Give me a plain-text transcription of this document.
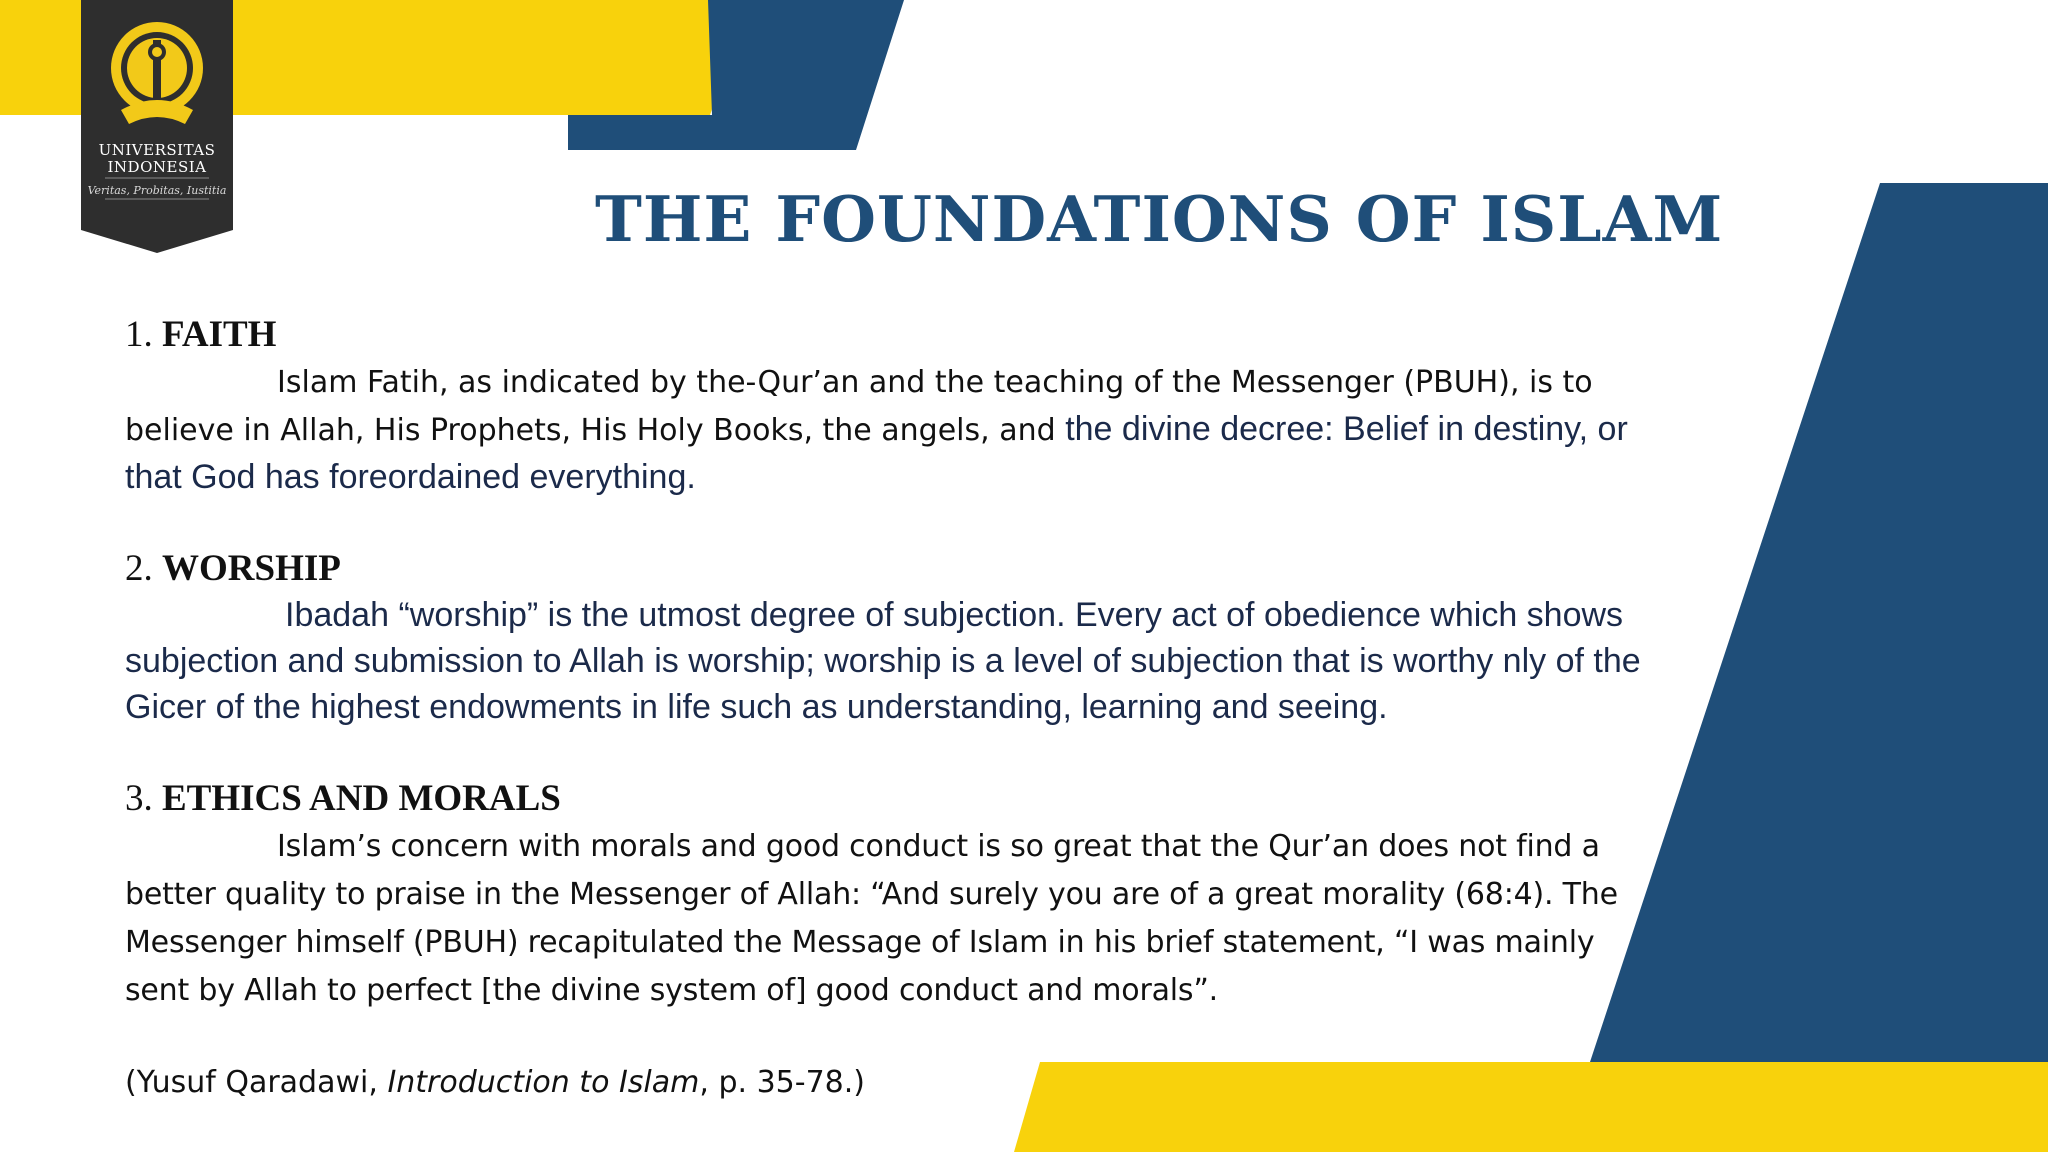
UNIVERSITAS
INDONESIA
Veritas, Probitas, Iustitia	THE FOUNDATIONS OF ISLAM

1. FAITH

Islam Fatih, as indicated by the-Qur’an and the teaching of the Messenger (PBUH), is to believe in Allah, His Prophets, His Holy Books, the angels, and the divine decree: Belief in destiny, or that God has foreordained everything.

2. WORSHIP

Ibadah “worship” is the utmost degree of subjection. Every act of obedience which shows subjection and submission to Allah is worship; worship is a level of subjection that is worthy nly of the Gicer of the highest endowments in life such as understanding, learning and seeing.

3. ETHICS AND MORALS

Islam’s concern with morals and good conduct is so great that the Qur’an does not find a better quality to praise in the Messenger of Allah: “And surely you are of a great morality (68:4). The Messenger himself (PBUH) recapitulated the Message of Islam in his brief statement, “I was mainly sent by Allah to perfect [the divine system of] good conduct and morals”.

(Yusuf Qaradawi, Introduction to Islam, p. 35-78.)
